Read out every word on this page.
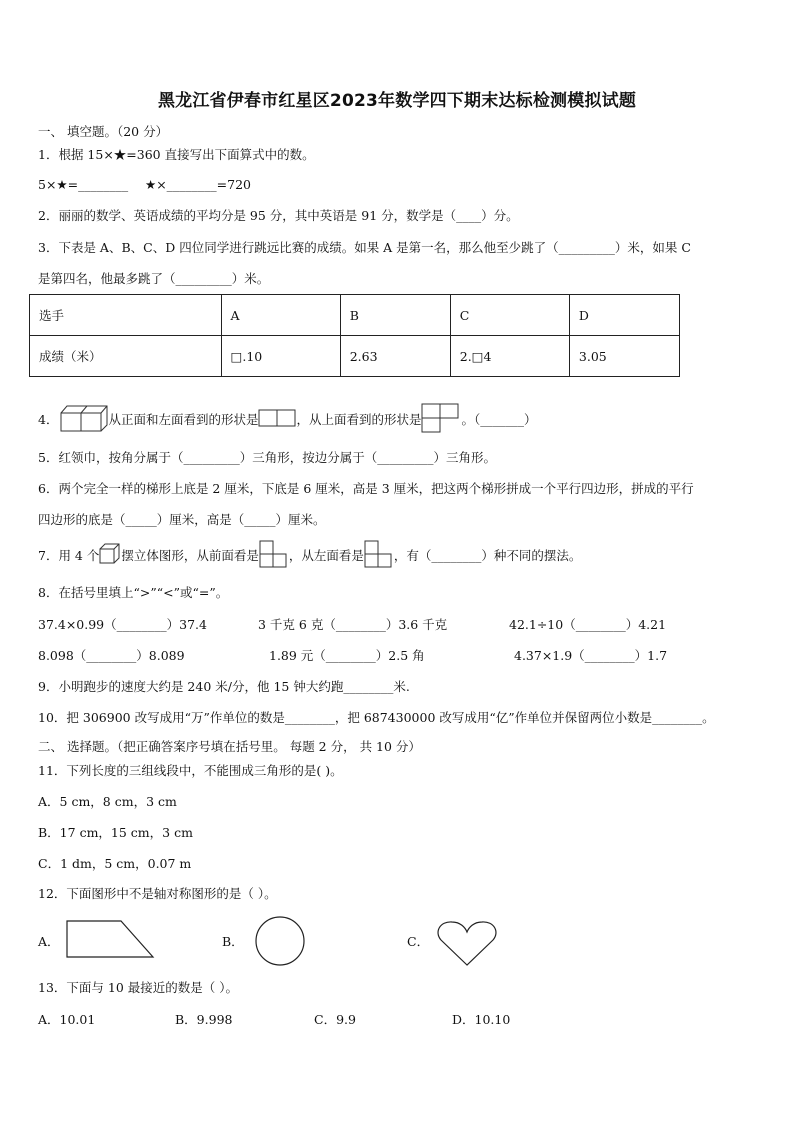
黑龙江省伊春市红星区2023年数学四下期末达标检测模拟试题
一、 填空题。（20 分）
1．根据 15×★=360 直接写出下面算式中的数。
5×★=________ ★×________=720
2．丽丽的数学、英语成绩的平均分是 95 分，其中英语是 91 分，数学是（____）分。
3．下表是 A、B、C、D 四位同学进行跳远比赛的成绩。如果 A 是第一名，那么他至少跳了（_________）米，如果 C
是第四名，他最多跳了（_________）米。
选手	A	B	C	D
成绩（米）	□.10	2.63	2.□4	3.05
4．	从正面和左面看到的形状是	，从上面看到的形状是	。（_______）
5．红领巾，按角分属于（_________）三角形，按边分属于（_________）三角形。
6．两个完全一样的梯形上底是 2 厘米，下底是 6 厘米，高是 3 厘米，把这两个梯形拼成一个平行四边形，拼成的平行
四边形的底是（_____）厘米，高是（_____）厘米。
7．用 4 个 摆立体图形，从前面看是 ，从左面看是 ，有（________）种不同的摆法。
8．在括号里填上“>”“<”或“=”。
37.4×0.99（________）37.4	3 千克 6 克（________）3.6 千克	42.1÷10（________）4.21
8.098（________）8.089	1.89 元（________）2.5 角	4.37×1.9（________）1.7
9．小明跑步的速度大约是 240 米/分，他 15 钟大约跑________米.
10．把 306900 改写成用“万”作单位的数是________，把 687430000 改写成用“亿”作单位并保留两位小数是________。
二、 选择题。（把正确答案序号填在括号里。 每题 2 分， 共 10 分）
11．下列长度的三组线段中，不能围成三角形的是( )。
A．5 cm，8 cm，3 cm
B．17 cm，15 cm，3 cm
C．1 dm，5 cm，0.07 m
12．下面图形中不是轴对称图形的是（ ）。
A．	B．	C．
13．下面与 10 最接近的数是（ ）。
A．10.01	B．9.998	C．9.9	D．10.10
